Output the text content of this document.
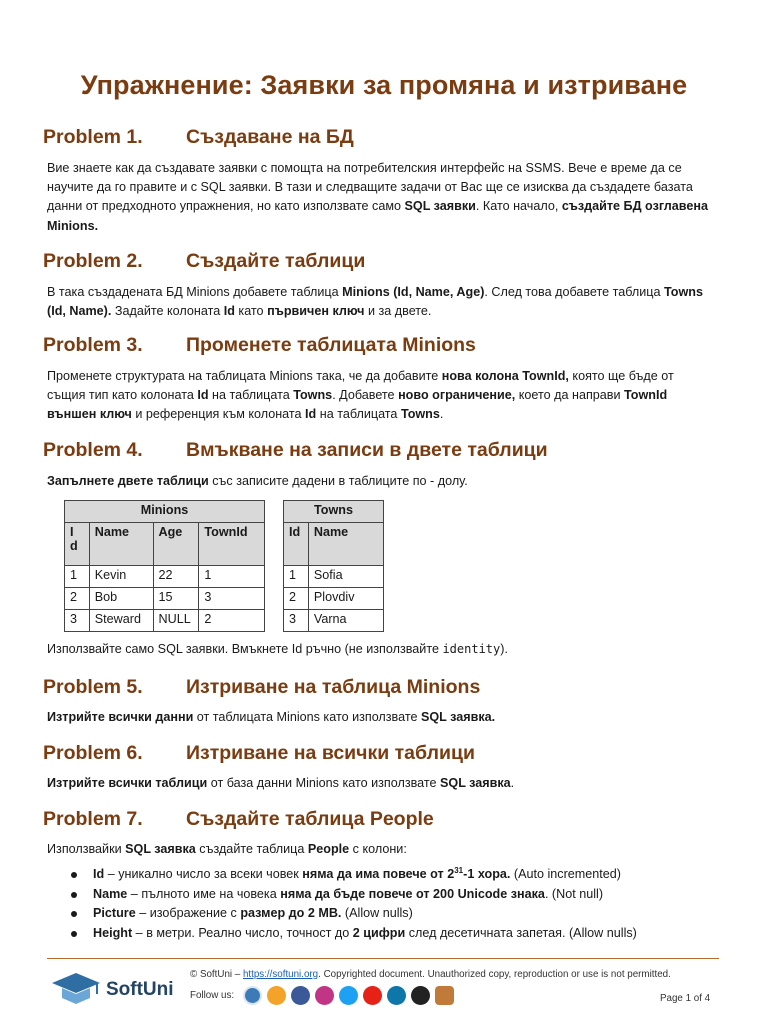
Упражнение: Заявки за промяна и изтриване
Problem 1. Създаване на БД
Вие знаете как да създавате заявки с помощта на потребителския интерфейс на SSMS. Вече е време да се
научите да го правите и с SQL заявки. В тази и следващите задачи от Вас ще се изисква да създадете базата
данни от предходното упражнения, но като използвате само SQL заявки. Като начало, създайте БД озглавена
Minions.
Problem 2. Създайте таблици
В така създадената БД Minions добавете таблица Minions (Id, Name, Age). След това добавете таблица Towns
(Id, Name). Задайте колоната Id като първичен ключ и за двете.
Problem 3. Променете таблицата Minions
Променете структурата на таблицата Minions така, че да добавите нова колона TownId, която ще бъде от
същия тип като колоната Id на таблицата Towns. Добавете ново ограничение, което да направи TownId
външен ключ и референция към колоната Id на таблицата Towns.
Problem 4. Вмъкване на записи в двете таблици
Запълнете двете таблици със записите дадени в таблиците по - долу.
Minions			
I d	Name	Age	TownId
1	Kevin	22	1
2	Bob	15	3
3	Steward	NULL	2
Towns	
Id	Name
1	Sofia
2	Plovdiv
3	Varna
Използвайте само SQL заявки. Вмъкнете Id ръчно (не използвайте identity).
Problem 5. Изтриване на таблица Minions
Изтрийте всички данни от таблицата Minions като използвате SQL заявка.
Problem 6. Изтриване на всички таблици
Изтрийте всички таблици от база данни Minions като използвате SQL заявка.
Problem 7. Създайте таблица People
Използвайки SQL заявка създайте таблица People с колони:
Id – уникално число за всеки човек няма да има повече от $2^{31}-1$ хора. (Auto incremented)
Name – пълното име на човека няма да бъде повече от 200 Unicode знака. (Not null)
Picture – изображение с размер до 2 MB. (Allow nulls)
Height – в метри. Реално число, точност до 2 цифри след десетичната запетая. (Allow nulls)
SoftUni
© SoftUni – https://softuni.org. Copyrighted document. Unauthorized copy, reproduction or use is not permitted.
Follow us:	Page 1 of 4
